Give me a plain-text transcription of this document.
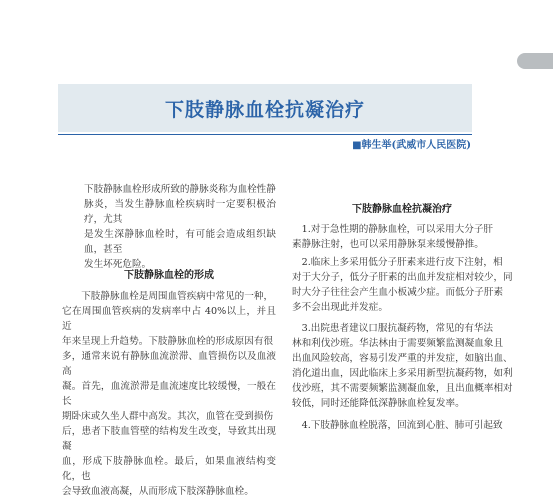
下肢静脉血栓抗凝治疗
■韩生举(武威市人民医院)

下肢静脉血栓形成所致的静脉炎称为血栓性静
脉炎，当发生静脉血栓疾病时一定要积极治疗，尤其
是发生深静脉血栓时，有可能会造成组织缺血，甚至
发生坏死危险。

下肢静脉血栓的形成

下肢静脉血栓是周围血管疾病中常见的一种，
它在周围血管疾病的发病率中占 40%以上，并且近
年来呈现上升趋势。下肢静脉血栓的形成原因有很
多，通常来说有静脉血流淤滞、血管损伤以及血液高
凝。首先，血流淤滞是血流速度比较缓慢，一般在长
期卧床或久坐人群中高发。其次，血管在受到损伤
后，患者下肢血管壁的结构发生改变，导致其出现凝
血，形成下肢静脉血栓。最后，如果血液结构变化，也
会导致血液高凝，从而形成下肢深静脉血栓。

下肢静脉血栓抗凝治疗

1.对于急性期的静脉血栓，可以采用大分子肝
素静脉注射，也可以采用静脉泵来缓慢静推。

2.临床上多采用低分子肝素来进行皮下注射，相
对于大分子，低分子肝素的出血并发症相对较少，同
时大分子往往会产生血小板减少症。而低分子肝素
多不会出现此并发症。

3.出院患者建议口服抗凝药物，常见的有华法
林和利伐沙班。华法林由于需要频繁监测凝血象且
出血风险较高，容易引发严重的并发症，如脑出血、
消化道出血，因此临床上多采用新型抗凝药物，如利
伐沙班，其不需要频繁监测凝血象，且出血概率相对
较低，同时还能降低深静脉血栓复发率。

4.下肢静脉血栓脱落，回流到心脏、肺可引起致
